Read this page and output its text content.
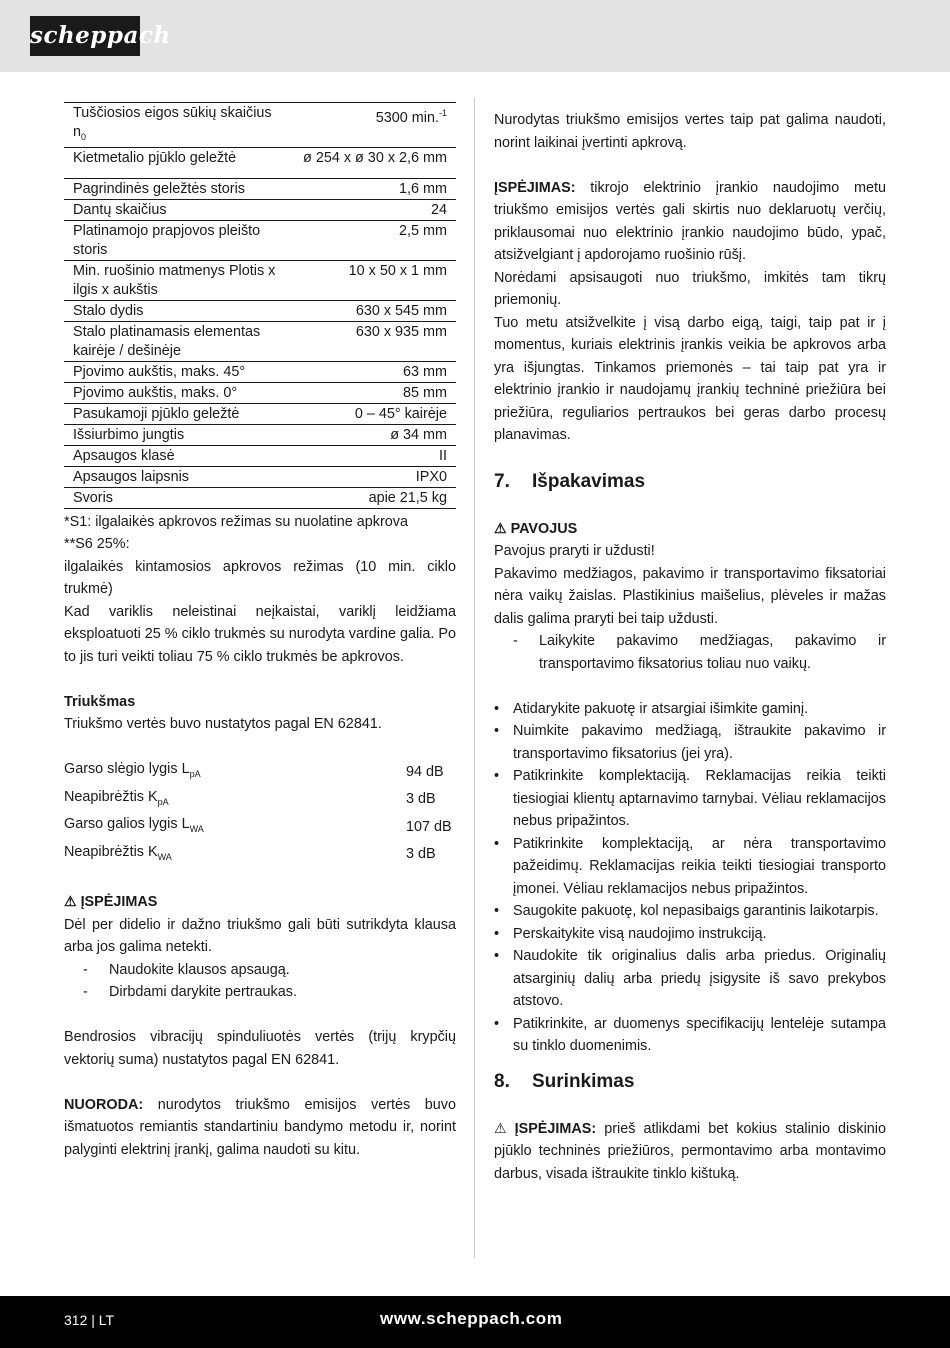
scheppach
Tuščiosios eigos sūkių skaičius $n_0$	5300 min.$^{-1}$
Kietmetalio pjūklo geležtė	ø 254 x ø 30 x 2,6 mm

Pagrindinės geležtės storis	1,6 mm
Dantų skaičius	24
Platinamojo prapjovos pleišto storis	2,5 mm
Min. ruošinio matmenys Plotis x ilgis x aukštis	10 x 50 x 1 mm
Stalo dydis	630 x 545 mm
Stalo platinamasis elementas kairėje / dešinėje	630 x 935 mm
Pjovimo aukštis, maks. 45°	63 mm
Pjovimo aukštis, maks. 0°	85 mm
Pasukamoji pjūklo geležtė	0 – 45° kairėje
Išsiurbimo jungtis	ø 34 mm
Apsaugos klasė	II
Apsaugos laipsnis	IPX0
Svoris	apie 21,5 kg

*S1: ilgalaikės apkrovos režimas su nuolatine apkrova

**S6 25%:

ilgalaikės kintamosios apkrovos režimas (10 min. ciklo trukmė)

Kad variklis neleistinai neįkaistai, variklį leidžiama eksploatuoti 25 % ciklo trukmės su nurodyta vardine galia. Po to jis turi veikti toliau 75 % ciklo trukmės be apkrovos.

Triukšmas

Triukšmo vertės buvo nustatytos pagal EN 62841.

Garso slėgio lygis $L_{pA}$	94 dB
Neapibrėžtis $K_{pA}$	3 dB
Garso galios lygis $L_{WA}$	107 dB
Neapibrėžtis $K_{WA}$	3 dB

⚠ ĮSPĖJIMAS

Dėl per didelio ir dažno triukšmo gali būti sutrikdyta klausa arba jos galima netekti.

- Naudokite klausos apsaugą.
- Dirbdami darykite pertraukas.

Bendrosios vibracijų spinduliuotės vertės (trijų krypčių vektorių suma) nustatytos pagal EN 62841.

NUORODA: nurodytos triukšmo emisijos vertės buvo išmatuotos remiantis standartiniu bandymo metodu ir, norint palyginti elektrinį įrankį, galima naudoti su kitu.

Nurodytas triukšmo emisijos vertes taip pat galima naudoti, norint laikinai įvertinti apkrovą.

ĮSPĖJIMAS: tikrojo elektrinio įrankio naudojimo metu triukšmo emisijos vertės gali skirtis nuo deklaruotų verčių, priklausomai nuo elektrinio įrankio naudojimo būdo, ypač, atsižvelgiant į apdorojamo ruošinio rūšį.

Norėdami apsisaugoti nuo triukšmo, imkitės tam tikrų priemonių.

Tuo metu atsižvelkite į visą darbo eigą, taigi, taip pat ir į momentus, kuriais elektrinis įrankis veikia be apkrovos arba yra išjungtas. Tinkamos priemonės – tai taip pat yra ir elektrinio įrankio ir naudojamų įrankių techninė priežiūra bei priežiūra, reguliarios pertraukos bei geras darbo procesų planavimas.

7. Išpakavimas

⚠ PAVOJUS

Pavojus praryti ir uždusti!

Pakavimo medžiagos, pakavimo ir transportavimo fiksatoriai nėra vaikų žaislas. Plastikinius maišelius, plėveles ir mažas dalis galima praryti bei taip uždusti.

- Laikykite pakavimo medžiagas, pakavimo ir transportavimo fiksatorius toliau nuo vaikų.
• Atidarykite pakuotę ir atsargiai išimkite gaminį.
• Nuimkite pakavimo medžiagą, ištraukite pakavimo ir transportavimo fiksatorius (jei yra).
• Patikrinkite komplektaciją. Reklamacijas reikia teikti tiesiogiai klientų aptarnavimo tarnybai. Vėliau reklamacijos nebus pripažintos.
• Patikrinkite komplektaciją, ar nėra transportavimo pažeidimų. Reklamacijas reikia teikti tiesiogiai transporto įmonei. Vėliau reklamacijos nebus pripažintos.
• Saugokite pakuotę, kol nepasibaigs garantinis laikotarpis.
• Perskaitykite visą naudojimo instrukciją.
• Naudokite tik originalius dalis arba priedus. Originalių atsarginių dalių arba priedų įsigysite iš savo prekybos atstovo.
• Patikrinkite, ar duomenys specifikacijų lentelėje sutampa su tinklo duomenimis.
8. Surinkimas

⚠ ĮSPĖJIMAS: prieš atlikdami bet kokius stalinio diskinio pjūklo techninės priežiūros, permontavimo arba montavimo darbus, visada ištraukite tinklo kištuką.

312 | LT	www.scheppach.com
